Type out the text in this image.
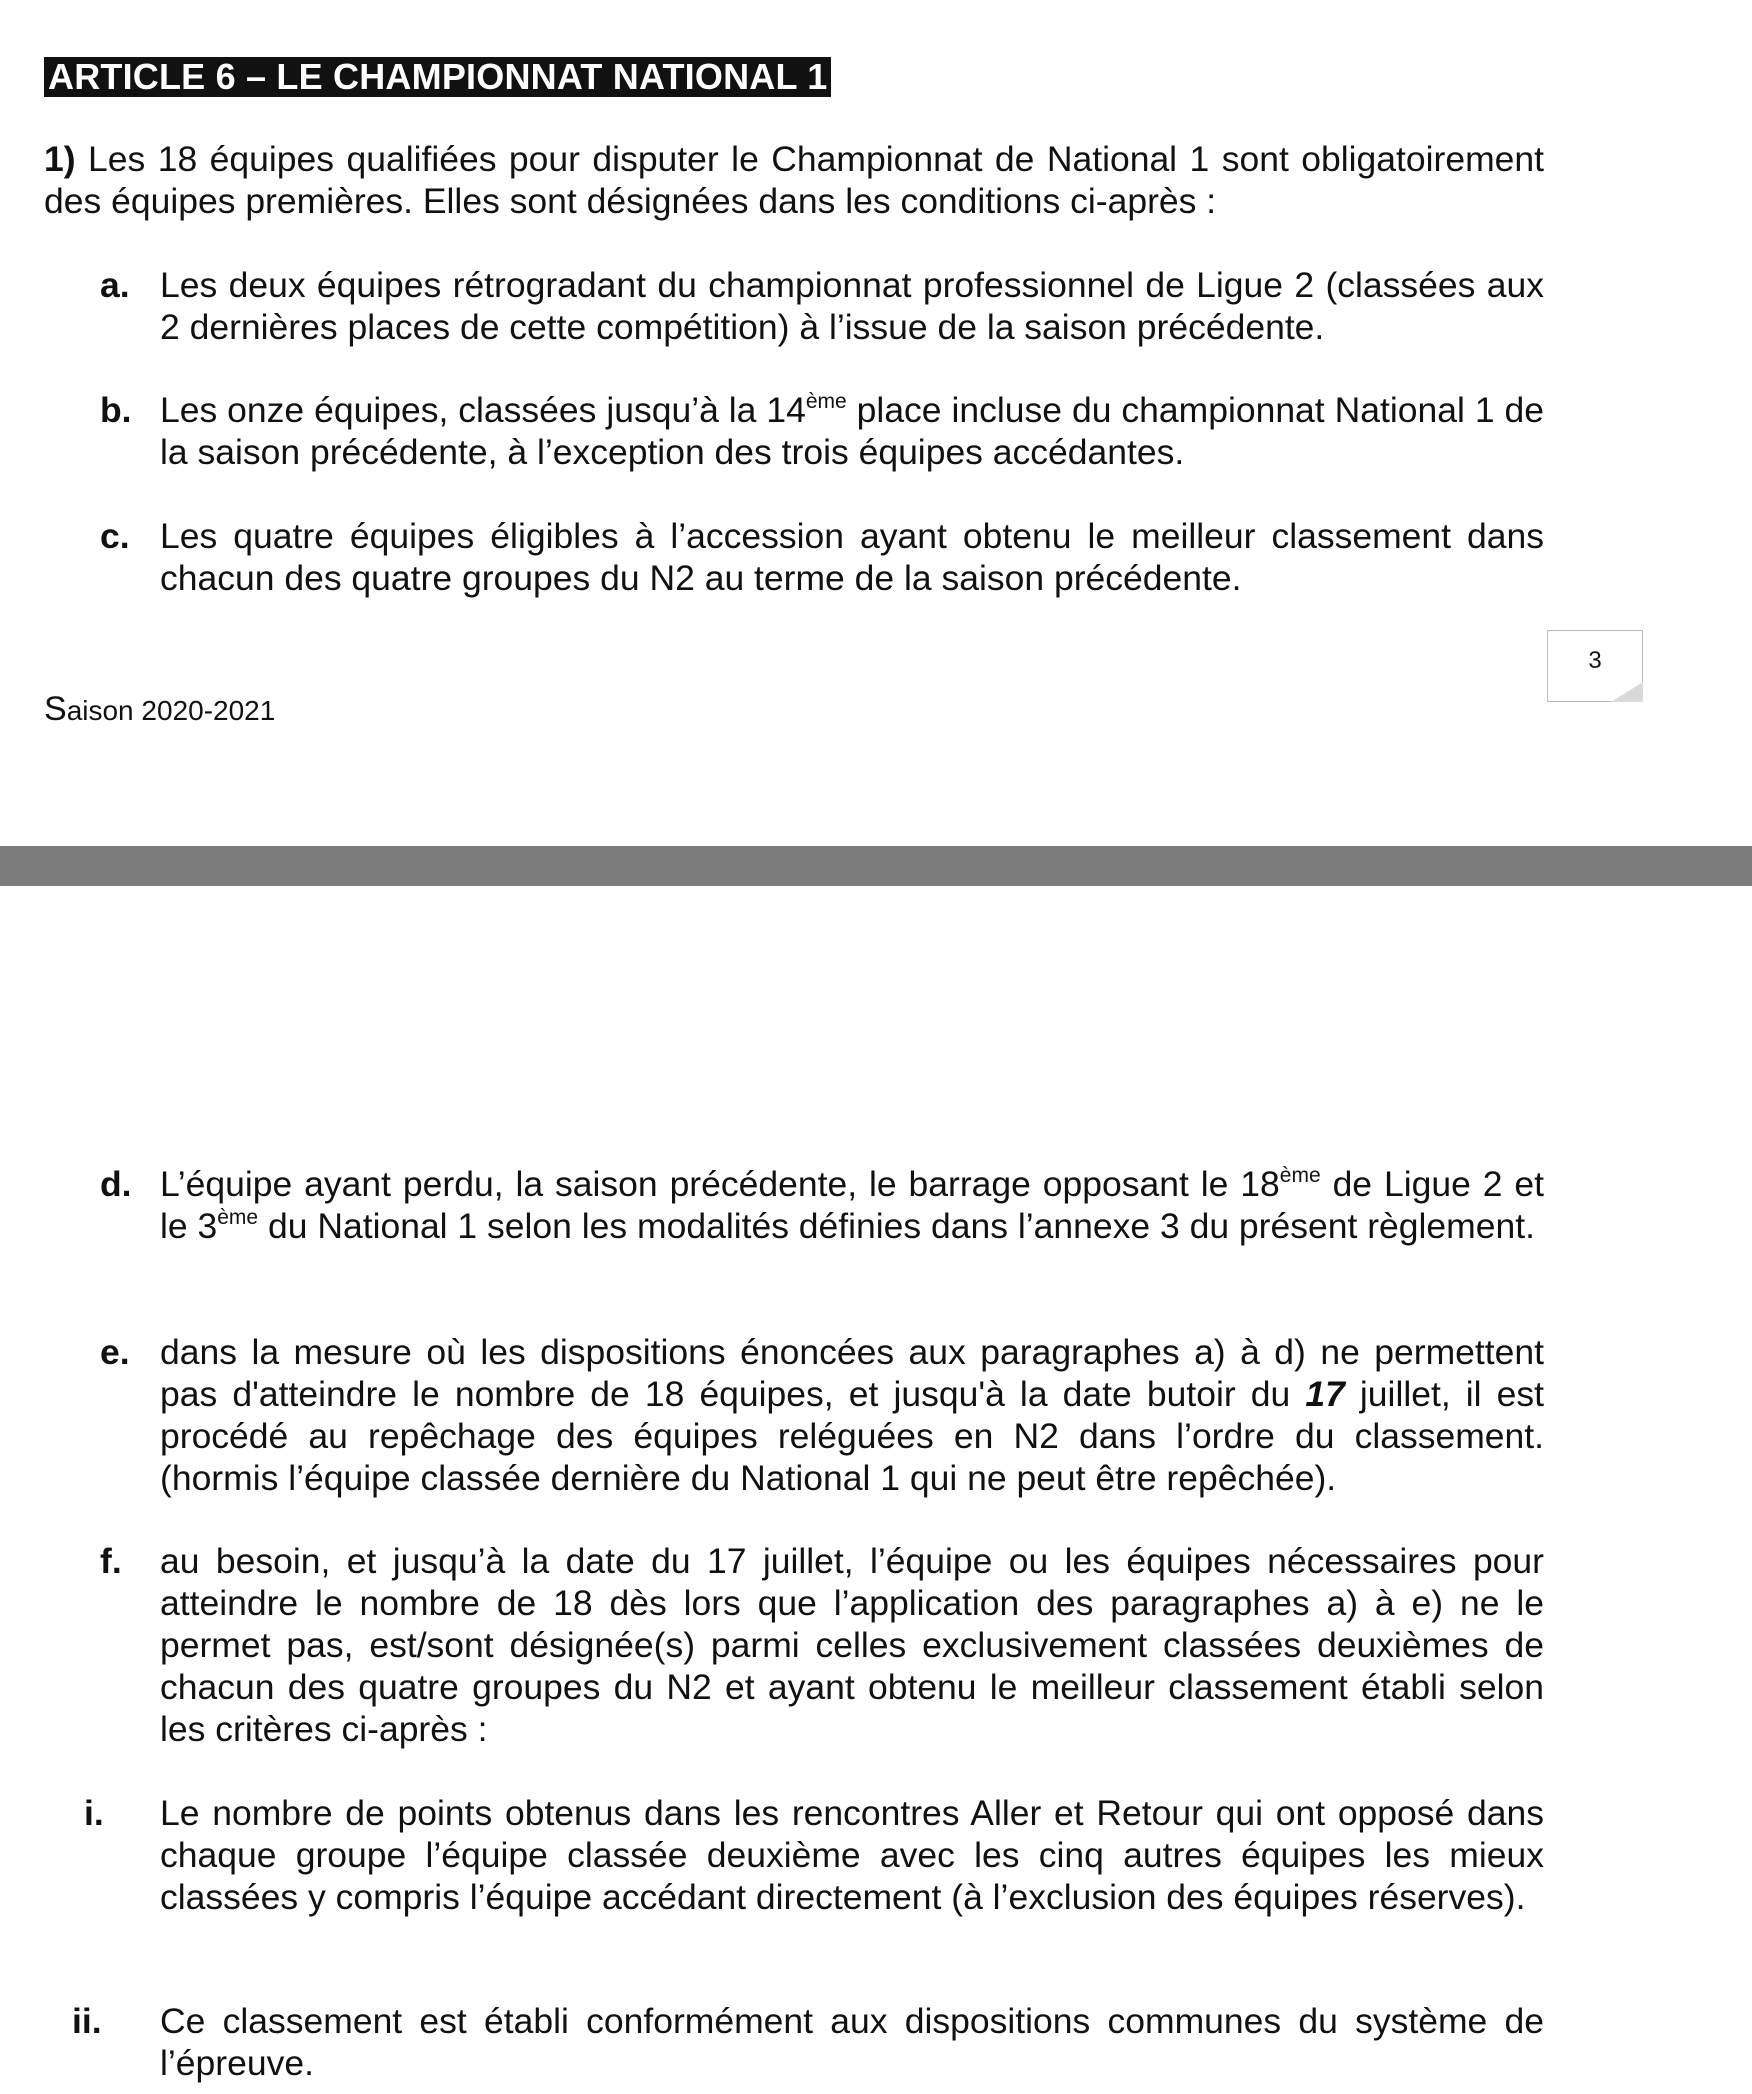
ARTICLE 6 – LE CHAMPIONNAT NATIONAL 1

1) Les 18 équipes qualifiées pour disputer le Championnat de National 1 sont obligatoirement des équipes premières. Elles sont désignées dans les conditions ci-après :

a. Les deux équipes rétrogradant du championnat professionnel de Ligue 2 (classées aux 2 dernières places de cette compétition) à l’issue de la saison précédente.
b. Les onze équipes, classées jusqu’à la 14ème place incluse du championnat National 1 de la saison précédente, à l’exception des trois équipes accédantes.
c. Les quatre équipes éligibles à l’accession ayant obtenu le meilleur classement dans chacun des quatre groupes du N2 au terme de la saison précédente.
3
Saison 2020-2021
d. L’équipe ayant perdu, la saison précédente, le barrage opposant le 18ème de Ligue 2 et le 3ème du National 1 selon les modalités définies dans l’annexe 3 du présent règlement.
e. dans la mesure où les dispositions énoncées aux paragraphes a) à d) ne permettent pas d'atteindre le nombre de 18 équipes, et jusqu'à la date butoir du 17 juillet, il est procédé au repêchage des équipes reléguées en N2 dans l’ordre du classement. (hormis l’équipe classée dernière du National 1 qui ne peut être repêchée).
f. au besoin, et jusqu’à la date du 17 juillet, l’équipe ou les équipes nécessaires pour atteindre le nombre de 18 dès lors que l’application des paragraphes a) à e) ne le permet pas, est/sont désignée(s) parmi celles exclusivement classées deuxièmes de chacun des quatre groupes du N2 et ayant obtenu le meilleur classement établi selon les critères ci-après :
i. Le nombre de points obtenus dans les rencontres Aller et Retour qui ont opposé dans chaque groupe l’équipe classée deuxième avec les cinq autres équipes les mieux classées y compris l’équipe accédant directement (à l’exclusion des équipes réserves).
ii. Ce classement est établi conformément aux dispositions communes du système de l’épreuve.
